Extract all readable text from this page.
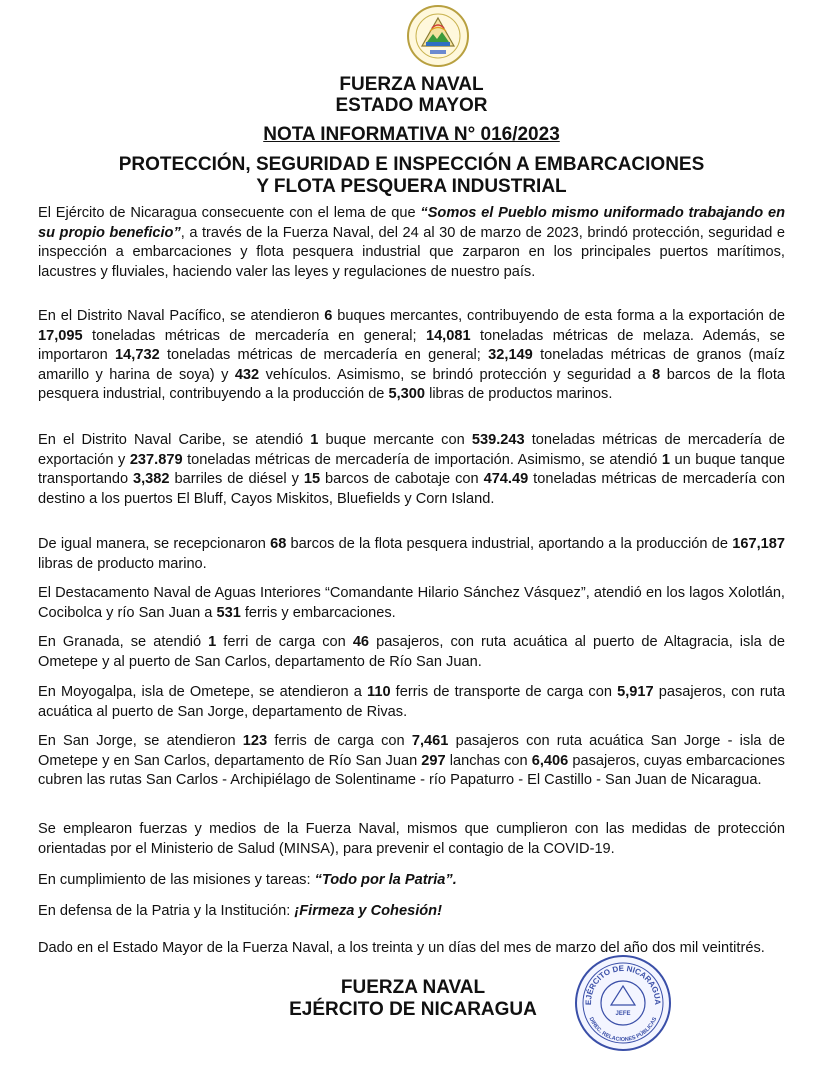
FUERZA NAVAL
ESTADO MAYOR
NOTA INFORMATIVA N° 016/2023
PROTECCIÓN, SEGURIDAD E INSPECCIÓN A EMBARCACIONES
Y FLOTA PESQUERA INDUSTRIAL

El Ejército de Nicaragua consecuente con el lema de que “Somos el Pueblo mismo uniformado trabajando en su propio beneficio”, a través de la Fuerza Naval, del 24 al 30 de marzo de 2023, brindó protección, seguridad e inspección a embarcaciones y flota pesquera industrial que zarparon en los principales puertos marítimos, lacustres y fluviales, haciendo valer las leyes y regulaciones de nuestro país.

En el Distrito Naval Pacífico, se atendieron 6 buques mercantes, contribuyendo de esta forma a la exportación de 17,095 toneladas métricas de mercadería en general; 14,081 toneladas métricas de melaza. Además, se importaron 14,732 toneladas métricas de mercadería en general; 32,149 toneladas métricas de granos (maíz amarillo y harina de soya) y 432 vehículos. Asimismo, se brindó protección y seguridad a 8 barcos de la flota pesquera industrial, contribuyendo a la producción de 5,300 libras de productos marinos.

En el Distrito Naval Caribe, se atendió 1 buque mercante con 539.243 toneladas métricas de mercadería de exportación y 237.879 toneladas métricas de mercadería de importación. Asimismo, se atendió 1 un buque tanque transportando 3,382 barriles de diésel y 15 barcos de cabotaje con 474.49 toneladas métricas de mercadería con destino a los puertos El Bluff, Cayos Miskitos, Bluefields y Corn Island.

De igual manera, se recepcionaron 68 barcos de la flota pesquera industrial, aportando a la producción de 167,187 libras de producto marino.

El Destacamento Naval de Aguas Interiores “Comandante Hilario Sánchez Vásquez”, atendió en los lagos Xolotlán, Cocibolca y río San Juan a 531 ferris y embarcaciones.

En Granada, se atendió 1 ferri de carga con 46 pasajeros, con ruta acuática al puerto de Altagracia, isla de Ometepe y al puerto de San Carlos, departamento de Río San Juan.

En Moyogalpa, isla de Ometepe, se atendieron a 110 ferris de transporte de carga con 5,917 pasajeros, con ruta acuática al puerto de San Jorge, departamento de Rivas.

En San Jorge, se atendieron 123 ferris de carga con 7,461 pasajeros con ruta acuática San Jorge - isla de Ometepe y en San Carlos, departamento de Río San Juan 297 lanchas con 6,406 pasajeros, cuyas embarcaciones cubren las rutas San Carlos - Archipiélago de Solentiname - río Papaturro - El Castillo - San Juan de Nicaragua.

Se emplearon fuerzas y medios de la Fuerza Naval, mismos que cumplieron con las medidas de protección orientadas por el Ministerio de Salud (MINSA), para prevenir el contagio de la COVID-19.

En cumplimiento de las misiones y tareas: “Todo por la Patria”.

En defensa de la Patria y la Institución: ¡Firmeza y Cohesión!

Dado en el Estado Mayor de la Fuerza Naval, a los treinta y un días del mes de marzo del año dos mil veintitrés.

FUERZA NAVAL
EJÉRCITO DE NICARAGUA	EJÉRCITO DE NICARAGUA
JEFE
DIREC. RELACIONES PÚBLICAS
